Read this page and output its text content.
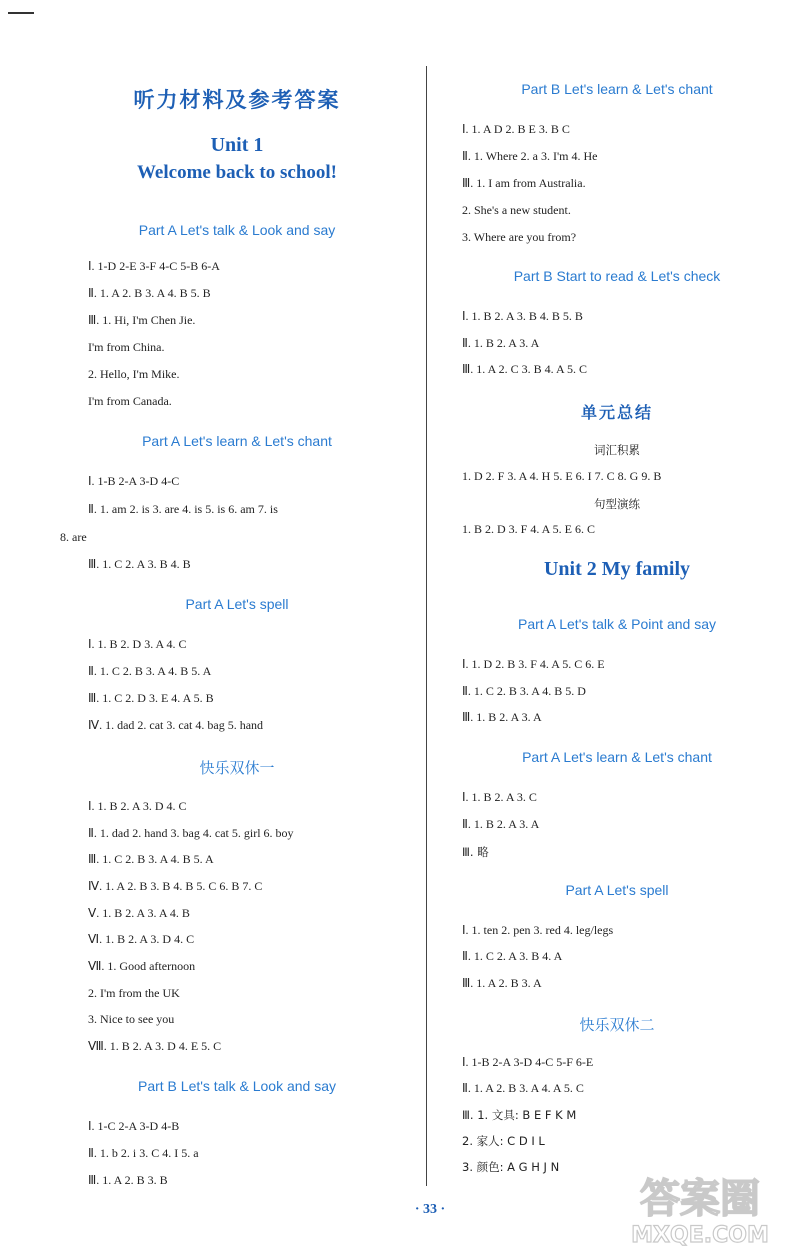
听力材料及参考答案
Unit 1
Welcome back to school!
Part A Let's talk & Look and say
Ⅰ. 1-D 2-E 3-F 4-C 5-B 6-A
Ⅱ. 1. A 2. B 3. A 4. B 5. B
Ⅲ. 1. Hi, I'm Chen Jie.
I'm from China.
2. Hello, I'm Mike.
I'm from Canada.
Part A Let's learn & Let's chant
Ⅰ. 1-B 2-A 3-D 4-C
Ⅱ. 1. am 2. is 3. are 4. is 5. is 6. am 7. is
8. are
Ⅲ. 1. C 2. A 3. B 4. B
Part A Let's spell
Ⅰ. 1. B 2. D 3. A 4. C
Ⅱ. 1. C 2. B 3. A 4. B 5. A
Ⅲ. 1. C 2. D 3. E 4. A 5. B
Ⅳ. 1. dad 2. cat 3. cat 4. bag 5. hand
快乐双休一
Ⅰ. 1. B 2. A 3. D 4. C
Ⅱ. 1. dad 2. hand 3. bag 4. cat 5. girl 6. boy
Ⅲ. 1. C 2. B 3. A 4. B 5. A
Ⅳ. 1. A 2. B 3. B 4. B 5. C 6. B 7. C
Ⅴ. 1. B 2. A 3. A 4. B
Ⅵ. 1. B 2. A 3. D 4. C
Ⅶ. 1. Good afternoon
2. I'm from the UK
3. Nice to see you
Ⅷ. 1. B 2. A 3. D 4. E 5. C
Part B Let's talk & Look and say
Ⅰ. 1-C 2-A 3-D 4-B
Ⅱ. 1. b 2. i 3. C 4. I 5. a
Ⅲ. 1. A 2. B 3. B
Part B Let's learn & Let's chant
Ⅰ. 1. A D 2. B E 3. B C
Ⅱ. 1. Where 2. a 3. I'm 4. He
Ⅲ. 1. I am from Australia.
2. She's a new student.
3. Where are you from?
Part B Start to read & Let's check
Ⅰ. 1. B 2. A 3. B 4. B 5. B
Ⅱ. 1. B 2. A 3. A
Ⅲ. 1. A 2. C 3. B 4. A 5. C
单元总结
词汇积累
1. D 2. F 3. A 4. H 5. E 6. I 7. C 8. G 9. B
句型演练
1. B 2. D 3. F 4. A 5. E 6. C
Unit 2 My family
Part A Let's talk & Point and say
Ⅰ. 1. D 2. B 3. F 4. A 5. C 6. E
Ⅱ. 1. C 2. B 3. A 4. B 5. D
Ⅲ. 1. B 2. A 3. A
Part A Let's learn & Let's chant
Ⅰ. 1. B 2. A 3. C
Ⅱ. 1. B 2. A 3. A
Ⅲ. 略
Part A Let's spell
Ⅰ. 1. ten 2. pen 3. red 4. leg/legs
Ⅱ. 1. C 2. A 3. B 4. A
Ⅲ. 1. A 2. B 3. A
快乐双休二
Ⅰ. 1-B 2-A 3-D 4-C 5-F 6-E
Ⅱ. 1. A 2. B 3. A 4. A 5. C
Ⅲ. 1. 文具: B E F K M
2. 家人: C D I L
3. 颜色: A G H J N
· 33 ·	答案圈
MXQE.COM
